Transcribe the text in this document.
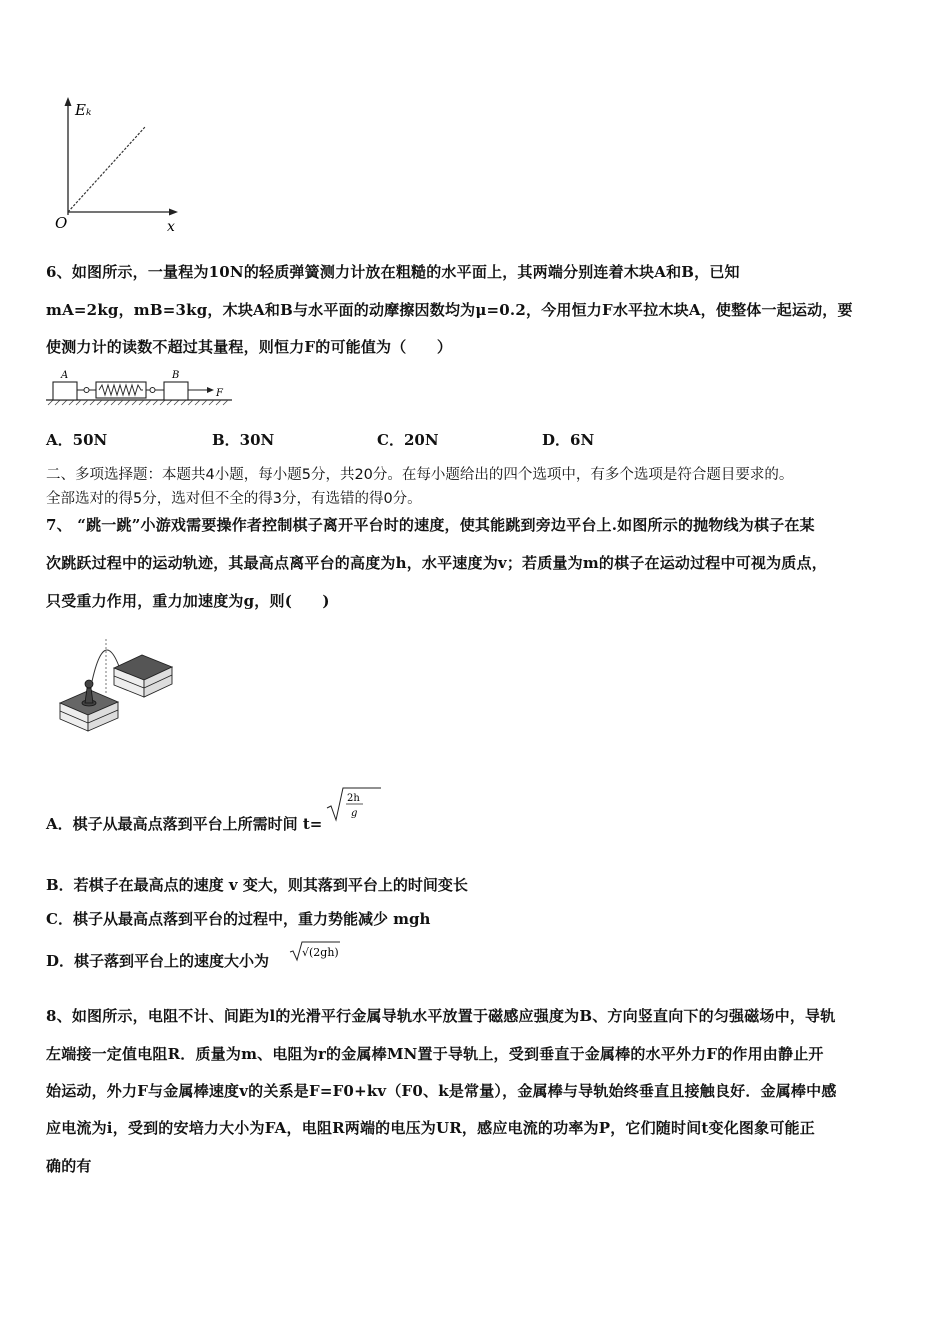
Eₖ
O	x
6、如图所示，一量程为10N的轻质弹簧测力计放在粗糙的水平面上，其两端分别连着木块A和B，已知
mA=2kg，mB=3kg，木块A和B与水平面的动摩擦因数均为μ=0.2，今用恒力F水平拉木块A，使整体一起运动，要
使测力计的读数不超过其量程，则恒力F的可能值为（　　）
A	B
F
A．50N	B．30N	C．20N	D．6N
二、多项选择题：本题共4小题，每小题5分，共20分。在每小题给出的四个选项中，有多个选项是符合题目要求的。
全部选对的得5分，选对但不全的得3分，有选错的得0分。
7、 “跳一跳”小游戏需要操作者控制棋子离开平台时的速度，使其能跳到旁边平台上.如图所示的抛物线为棋子在某
次跳跃过程中的运动轨迹，其最高点离平台的高度为h，水平速度为v；若质量为m的棋子在运动过程中可视为质点，
只受重力作用，重力加速度为g，则(　　)
A．棋子从最高点落到平台上所需时间 t=
2h
g
B．若棋子在最高点的速度 v 变大，则其落到平台上的时间变长
C．棋子从最高点落到平台的过程中，重力势能减少 mgh
D．棋子落到平台上的速度大小为	√(2gh)
8、如图所示，电阻不计、间距为l的光滑平行金属导轨水平放置于磁感应强度为B、方向竖直向下的匀强磁场中，导轨
左端接一定值电阻R．质量为m、电阻为r的金属棒MN置于导轨上，受到垂直于金属棒的水平外力F的作用由静止开
始运动，外力F与金属棒速度v的关系是F=F0+kv（F0、k是常量），金属棒与导轨始终垂直且接触良好．金属棒中感
应电流为i，受到的安培力大小为FA，电阻R两端的电压为UR，感应电流的功率为P，它们随时间t变化图象可能正
确的有
